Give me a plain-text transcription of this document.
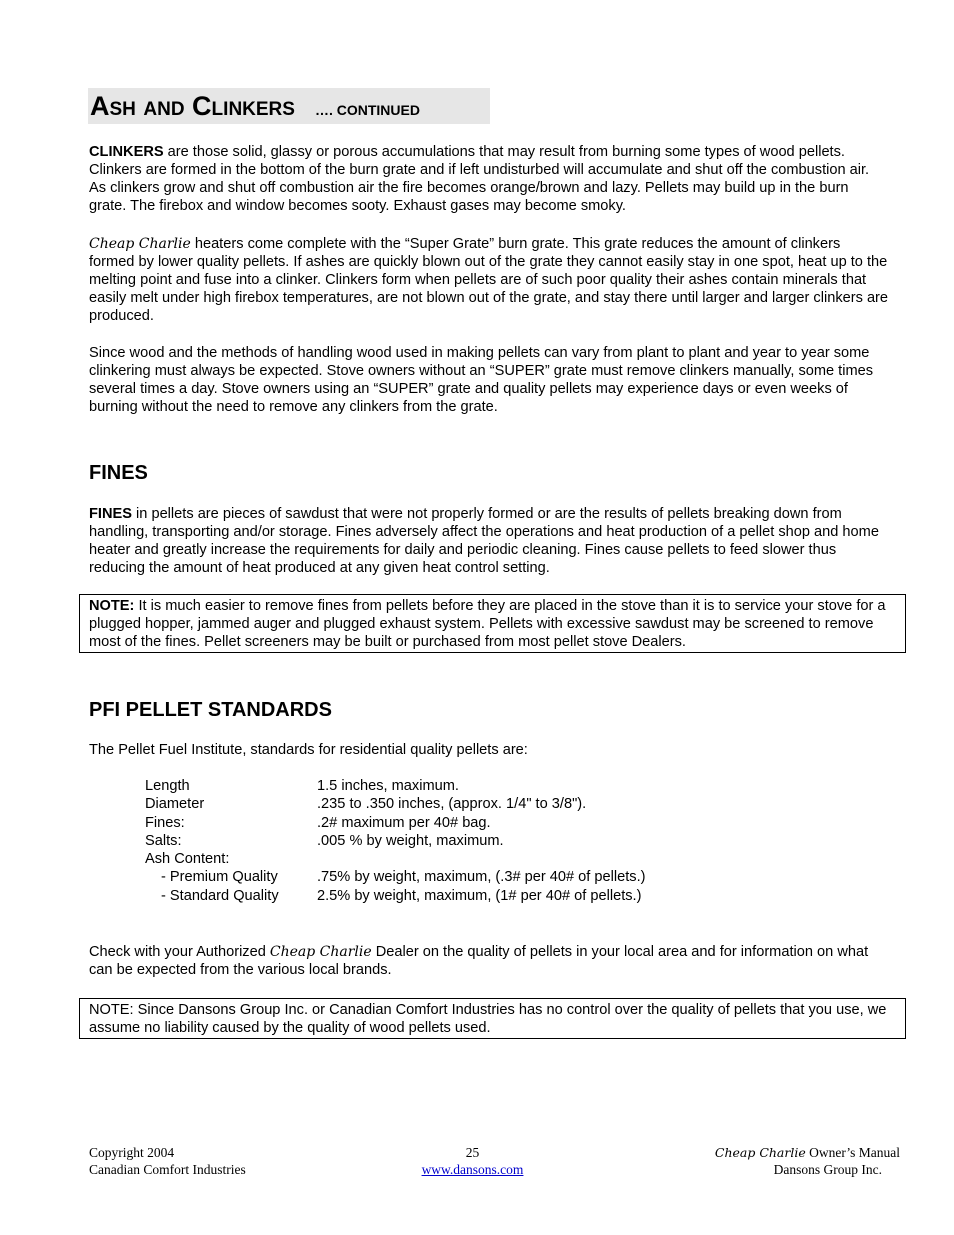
Ash and Clinkers …. CONTINUED

CLINKERS are those solid, glassy or porous accumulations that may result from burning some types of wood pellets. Clinkers are formed in the bottom of the burn grate and if left undisturbed will accumulate and shut off the combustion air. As clinkers grow and shut off combustion air the fire becomes orange/brown and lazy. Pellets may build up in the burn grate. The firebox and window becomes sooty. Exhaust gases may become smoky.

Cheap Charlie heaters come complete with the “Super Grate” burn grate. This grate reduces the amount of clinkers formed by lower quality pellets. If ashes are quickly blown out of the grate they cannot easily stay in one spot, heat up to the melting point and fuse into a clinker. Clinkers form when pellets are of such poor quality their ashes contain minerals that easily melt under high firebox temperatures, are not blown out of the grate, and stay there until larger and larger clinkers are produced.

Since wood and the methods of handling wood used in making pellets can vary from plant to plant and year to year some clinkering must always be expected. Stove owners without an “SUPER” grate must remove clinkers manually, some times several times a day. Stove owners using an “SUPER” grate and quality pellets may experience days or even weeks of burning without the need to remove any clinkers from the grate.

FINES

FINES in pellets are pieces of sawdust that were not properly formed or are the results of pellets breaking down from handling, transporting and/or storage. Fines adversely affect the operations and heat production of a pellet shop and home heater and greatly increase the requirements for daily and periodic cleaning. Fines cause pellets to feed slower thus reducing the amount of heat produced at any given heat control setting.

NOTE: It is much easier to remove fines from pellets before they are placed in the stove than it is to service your stove for a plugged hopper, jammed auger and plugged exhaust system. Pellets with excessive sawdust may be screened to remove most of the fines. Pellet screeners may be built or purchased from most pellet stove Dealers.
PFI PELLET STANDARDS

The Pellet Fuel Institute, standards for residential quality pellets are:

Length	1.5 inches, maximum.
Diameter	.235 to .350 inches, (approx. 1/4" to 3/8").
Fines:	.2# maximum per 40# bag.
Salts:	.005 % by weight, maximum.
Ash Content:
- Premium Quality	.75% by weight, maximum, (.3# per 40# of pellets.)
- Standard Quality	2.5% by weight, maximum, (1# per 40# of pellets.)

Check with your Authorized Cheap Charlie Dealer on the quality of pellets in your local area and for information on what can be expected from the various local brands.

NOTE: Since Dansons Group Inc. or Canadian Comfort Industries has no control over the quality of pellets that you use, we assume no liability caused by the quality of wood pellets used.
Copyright 2004
Canadian Comfort Industries
25
www.dansons.com
Cheap Charlie Owner’s Manual
Dansons Group Inc.
